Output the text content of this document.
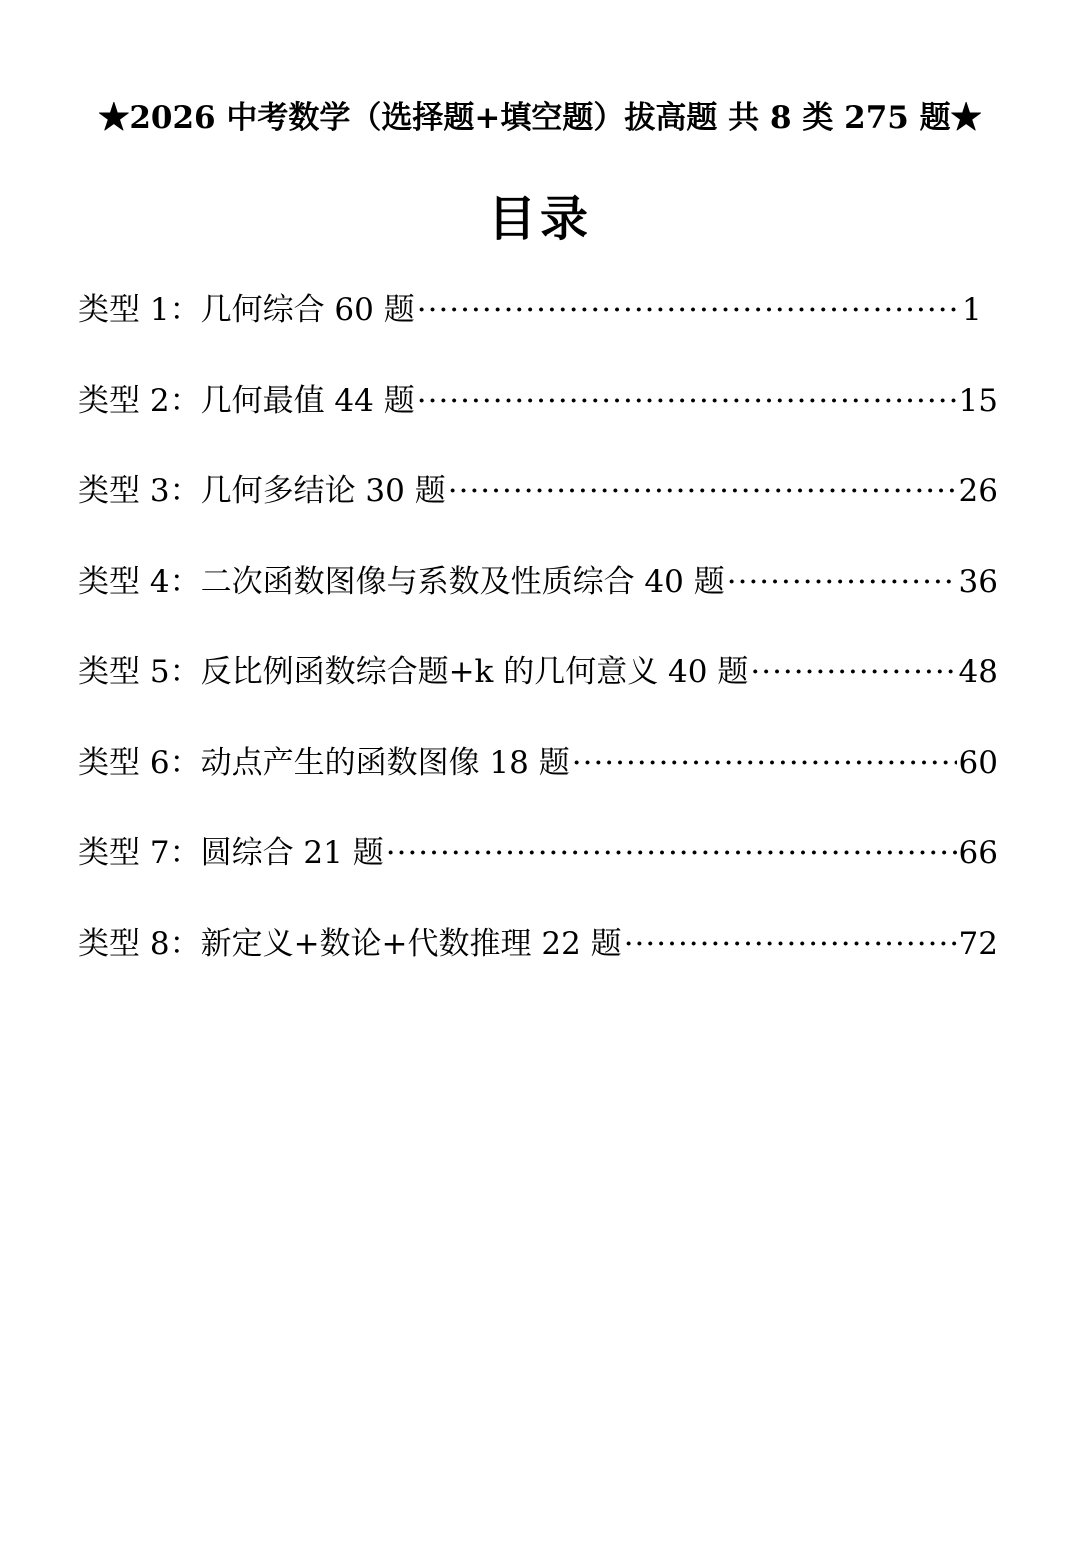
★2026 中考数学（选择题+填空题）拔高题 共 8 类 275 题★
目录
类型 1： 几何综合 60 题 ·····	1
类型 2： 几何最值 44 题 ·····	15
类型 3： 几何多结论 30 题 ·····	26
类型 4： 二次函数图像与系数及性质综合 40 题 ·····	36
类型 5： 反比例函数综合题+k 的几何意义 40 题 ·····	48
类型 6： 动点产生的函数图像 18 题 ·····	60
类型 7： 圆综合 21 题 ·····	66
类型 8： 新定义+数论+代数推理 22 题 ·····	72
